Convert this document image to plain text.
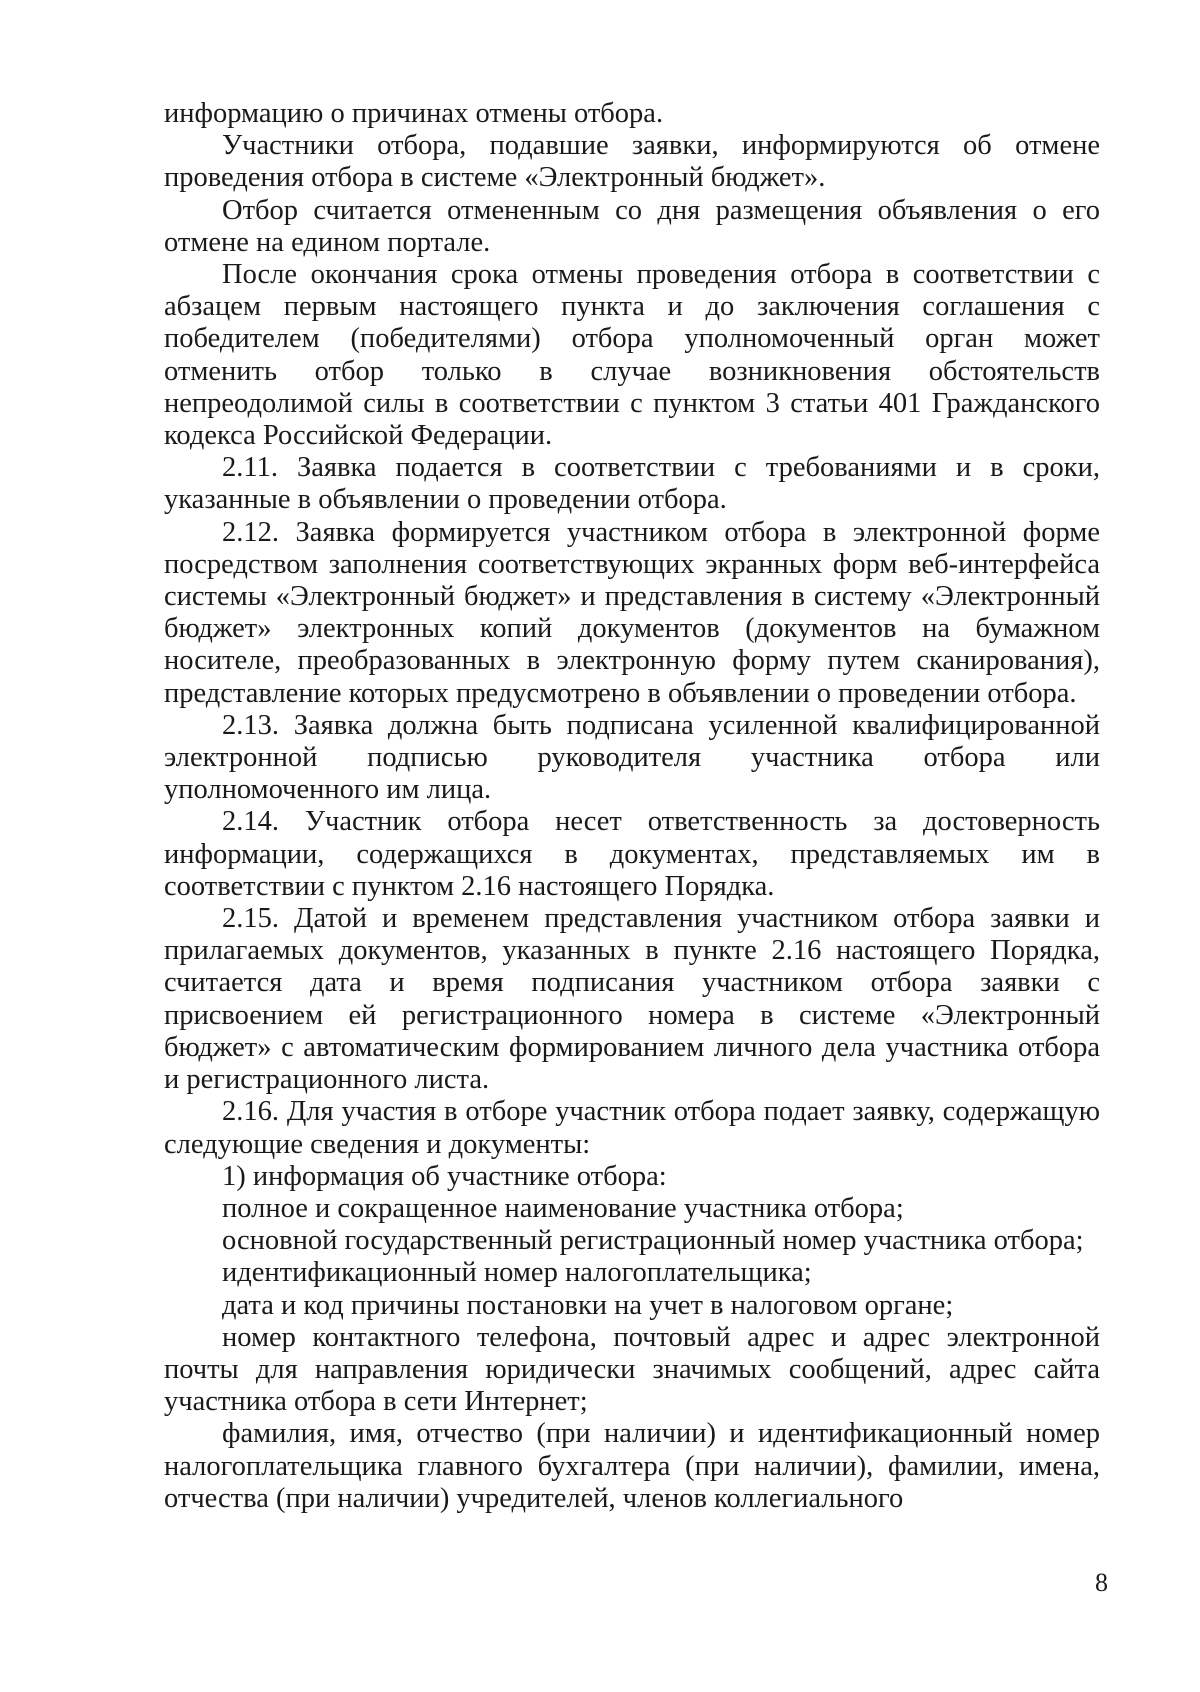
информацию о причинах отмены отбора.

Участники отбора, подавшие заявки, информируются об отмене проведения отбора в системе «Электронный бюджет».

Отбор считается отмененным со дня размещения объявления о его отмене на едином портале.

После окончания срока отмены проведения отбора в соответствии с абзацем первым настоящего пункта и до заключения соглашения с победителем (победителями) отбора уполномоченный орган может отменить отбор только в случае возникновения обстоятельств непреодолимой силы в соответствии с пунктом 3 статьи 401 Гражданского кодекса Российской Федерации.

2.11. Заявка подается в соответствии с требованиями и в сроки, указанные в объявлении о проведении отбора.

2.12. Заявка формируется участником отбора в электронной форме посредством заполнения соответствующих экранных форм веб-интерфейса системы «Электронный бюджет» и представления в систему «Электронный бюджет» электронных копий документов (документов на бумажном носителе, преобразованных в электронную форму путем сканирования), представление которых предусмотрено в объявлении о проведении отбора.

2.13. Заявка должна быть подписана усиленной квалифицированной электронной подписью руководителя участника отбора или уполномоченного им лица.

2.14. Участник отбора несет ответственность за достоверность информации, содержащихся в документах, представляемых им в соответствии с пунктом 2.16 настоящего Порядка.

2.15. Датой и временем представления участником отбора заявки и прилагаемых документов, указанных в пункте 2.16 настоящего Порядка, считается дата и время подписания участником отбора заявки с присвоением ей регистрационного номера в системе «Электронный бюджет» с автоматическим формированием личного дела участника отбора и регистрационного листа.

2.16. Для участия в отборе участник отбора подает заявку, содержащую следующие сведения и документы:

1) информация об участнике отбора:

полное и сокращенное наименование участника отбора;

основной государственный регистрационный номер участника отбора;

идентификационный номер налогоплательщика;

дата и код причины постановки на учет в налоговом органе;

номер контактного телефона, почтовый адрес и адрес электронной почты для направления юридически значимых сообщений, адрес сайта участника отбора в сети Интернет;

фамилия, имя, отчество (при наличии) и идентификационный номер налогоплательщика главного бухгалтера (при наличии), фамилии, имена, отчества (при наличии) учредителей, членов коллегиального

8
